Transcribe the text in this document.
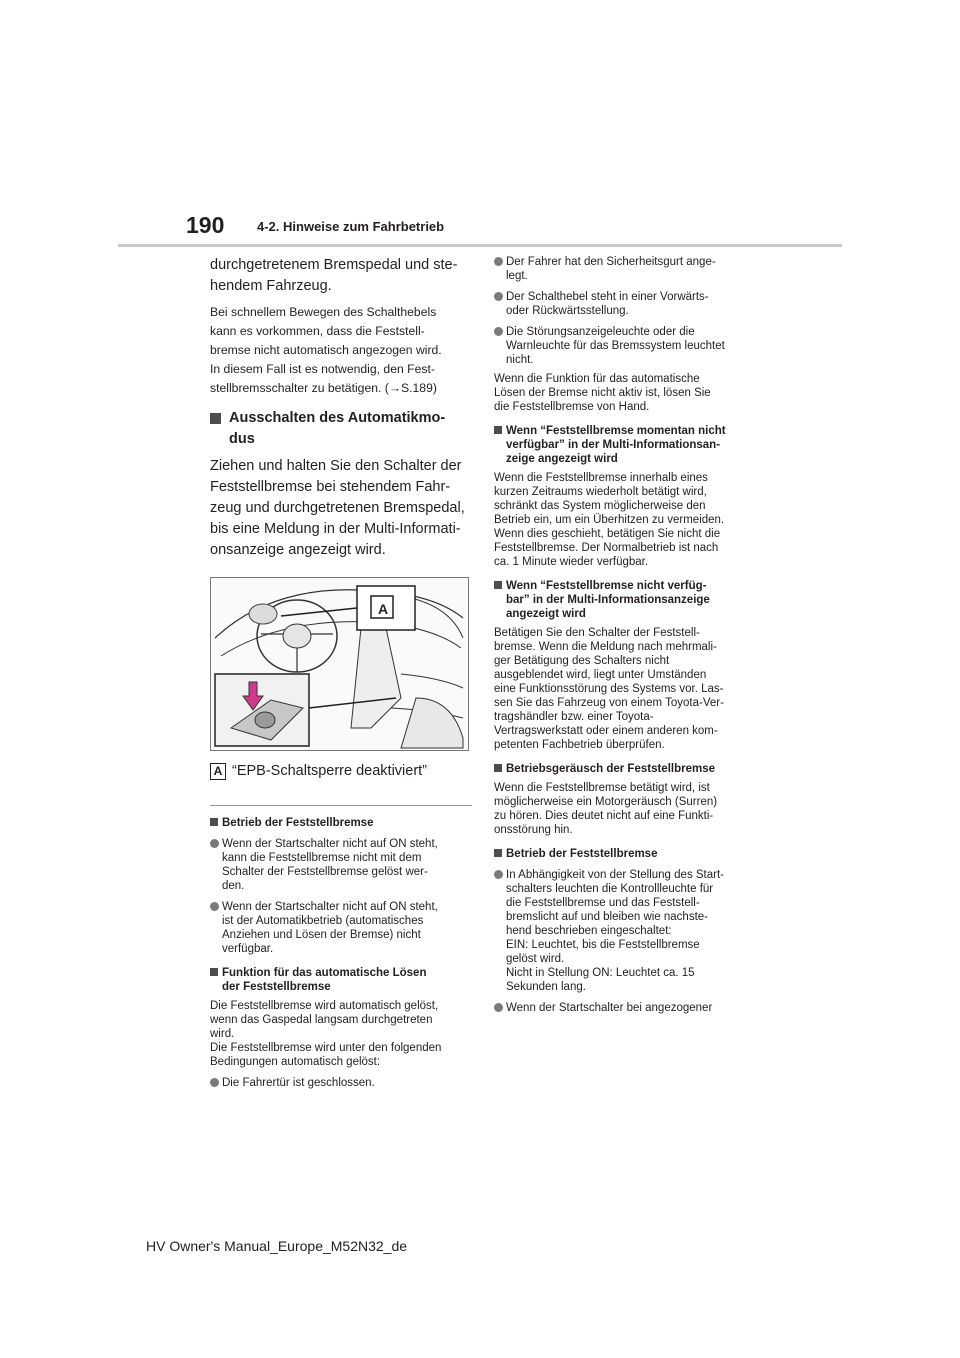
190	4-2. Hinweise zum Fahrbetrieb

durchgetretenem Bremspedal und ste-
hendem Fahrzeug.

Bei schnellem Bewegen des Schalthebels
kann es vorkommen, dass die Feststell-
bremse nicht automatisch angezogen wird.
In diesem Fall ist es notwendig, den Fest-
stellbremsschalter zu betätigen. (→S.189)

Ausschalten des Automatikmo-
dus

Ziehen und halten Sie den Schalter der
Feststellbremse bei stehendem Fahr-
zeug und durchgetretenen Bremspedal,
bis eine Meldung in der Multi-Informati-
onsanzeige angezeigt wird.

A
A “EPB-Schaltsperre deaktiviert”
Betrieb der Feststellbremse
Wenn der Startschalter nicht auf ON steht,
kann die Feststellbremse nicht mit dem
Schalter der Feststellbremse gelöst wer-
den.
Wenn der Startschalter nicht auf ON steht,
ist der Automatikbetrieb (automatisches
Anziehen und Lösen der Bremse) nicht
verfügbar.
Funktion für das automatische Lösen
der Feststellbremse

Die Feststellbremse wird automatisch gelöst,
wenn das Gaspedal langsam durchgetreten
wird.
Die Feststellbremse wird unter den folgenden
Bedingungen automatisch gelöst:

Die Fahrertür ist geschlossen.
Der Fahrer hat den Sicherheitsgurt ange-
legt.
Der Schalthebel steht in einer Vorwärts-
oder Rückwärtsstellung.
Die Störungsanzeigeleuchte oder die
Warnleuchte für das Bremssystem leuchtet
nicht.

Wenn die Funktion für das automatische
Lösen der Bremse nicht aktiv ist, lösen Sie
die Feststellbremse von Hand.

Wenn “Feststellbremse momentan nicht
verfügbar” in der Multi-Informationsan-
zeige angezeigt wird

Wenn die Feststellbremse innerhalb eines
kurzen Zeitraums wiederholt betätigt wird,
schränkt das System möglicherweise den
Betrieb ein, um ein Überhitzen zu vermeiden.
Wenn dies geschieht, betätigen Sie nicht die
Feststellbremse. Der Normalbetrieb ist nach
ca. 1 Minute wieder verfügbar.

Wenn “Feststellbremse nicht verfüg-
bar” in der Multi-Informationsanzeige
angezeigt wird

Betätigen Sie den Schalter der Feststell-
bremse. Wenn die Meldung nach mehrmali-
ger Betätigung des Schalters nicht
ausgeblendet wird, liegt unter Umständen
eine Funktionsstörung des Systems vor. Las-
sen Sie das Fahrzeug von einem Toyota-Ver-
tragshändler bzw. einer Toyota-
Vertragswerkstatt oder einem anderen kom-
petenten Fachbetrieb überprüfen.

Betriebsgeräusch der Feststellbremse

Wenn die Feststellbremse betätigt wird, ist
möglicherweise ein Motorgeräusch (Surren)
zu hören. Dies deutet nicht auf eine Funkti-
onsstörung hin.

Betrieb der Feststellbremse
In Abhängigkeit von der Stellung des Start-
schalters leuchten die Kontrollleuchte für
die Feststellbremse und das Feststell-
bremslicht auf und bleiben wie nachste-
hend beschrieben eingeschaltet:
EIN: Leuchtet, bis die Feststellbremse
gelöst wird.
Nicht in Stellung ON: Leuchtet ca. 15
Sekunden lang.
Wenn der Startschalter bei angezogener
HV Owner's Manual_Europe_M52N32_de
